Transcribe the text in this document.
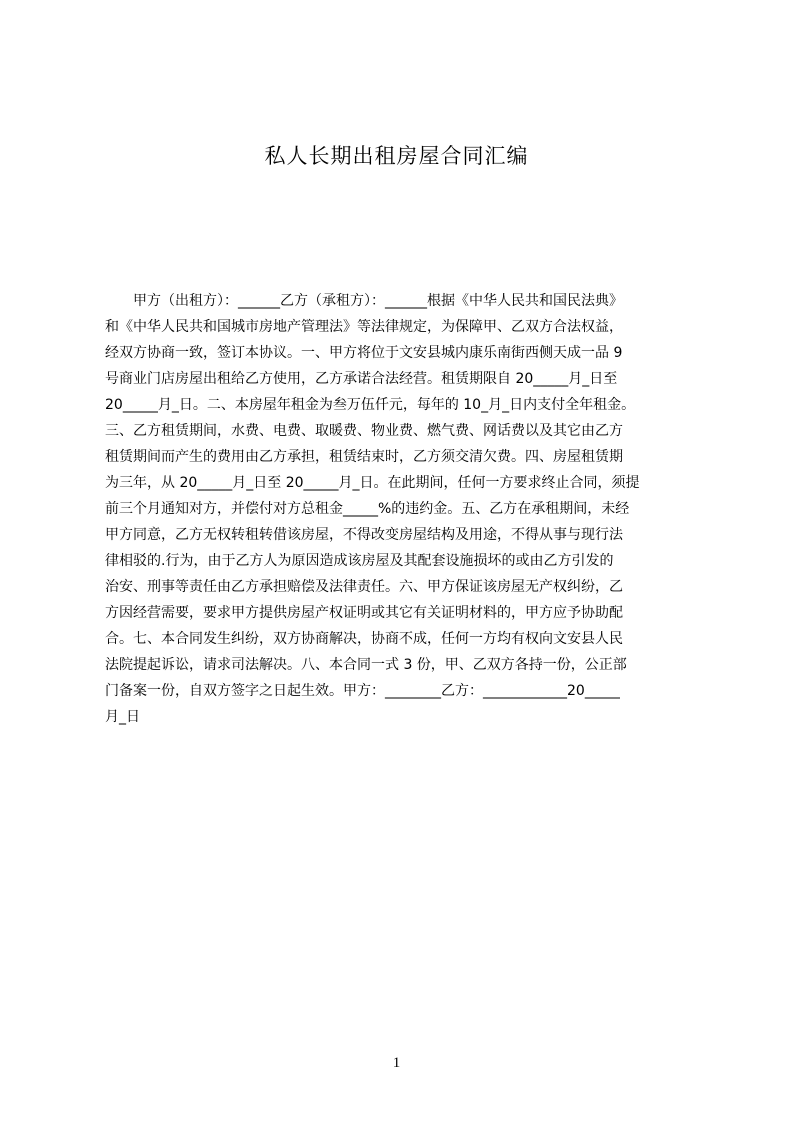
私人长期出租房屋合同汇编
　　甲方（出租方）：______乙方（承租方）：______根据《中华人民共和国民法典》
和《中华人民共和国城市房地产管理法》等法律规定，为保障甲、乙双方合法权益，
经双方协商一致，签订本协议。一、甲方将位于文安县城内康乐南街西侧天成一品 9
号商业门店房屋出租给乙方使用，乙方承诺合法经营。租赁期限自 20_____月_日至
20_____月_日。二、本房屋年租金为叁万伍仟元，每年的 10_月_日内支付全年租金。
三、乙方租赁期间，水费、电费、取暖费、物业费、燃气费、网话费以及其它由乙方
租赁期间而产生的费用由乙方承担，租赁结束时，乙方须交清欠费。四、房屋租赁期
为三年，从 20_____月_日至 20_____月_日。在此期间，任何一方要求终止合同，须提
前三个月通知对方，并偿付对方总租金_____%的违约金。五、乙方在承租期间，未经
甲方同意，乙方无权转租转借该房屋，不得改变房屋结构及用途，不得从事与现行法
律相驳的.行为，由于乙方人为原因造成该房屋及其配套设施损坏的或由乙方引发的
治安、刑事等责任由乙方承担赔偿及法律责任。六、甲方保证该房屋无产权纠纷，乙
方因经营需要，要求甲方提供房屋产权证明或其它有关证明材料的，甲方应予协助配
合。七、本合同发生纠纷，双方协商解决，协商不成，任何一方均有权向文安县人民
法院提起诉讼，请求司法解决。八、本合同一式 3 份，甲、乙双方各持一份，公正部
门备案一份，自双方签字之日起生效。甲方：________乙方：____________20_____
月_日
1
